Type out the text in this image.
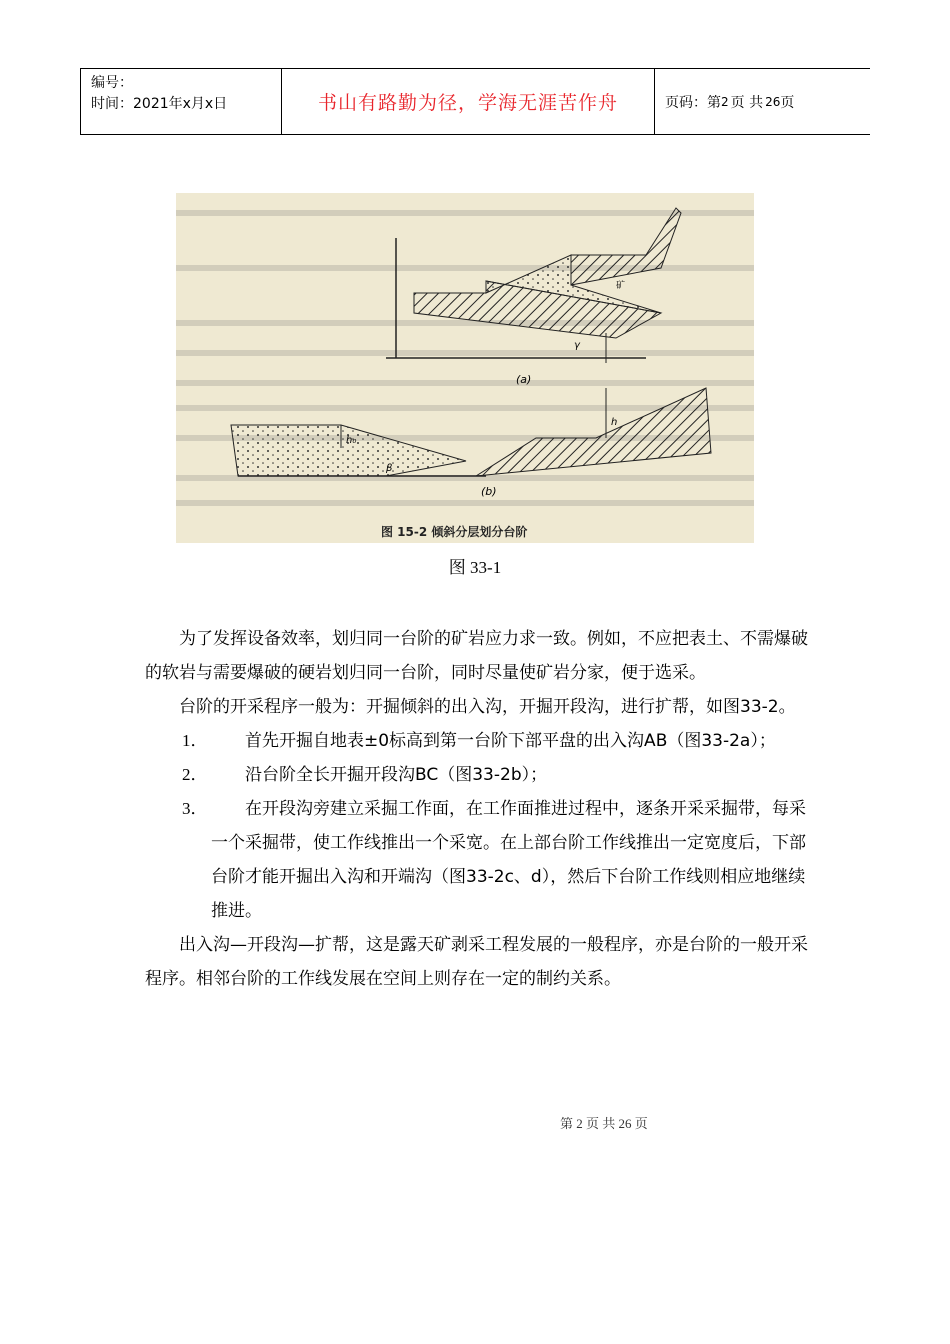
编号：
时间：2021年x月x日	书山有路勤为径，学海无涯苦作舟	页码：第 2 页 共 26 页
(a)
矿
γ
h₀
h
β
(b)
图 15-2 倾斜分层划分台阶
图 33-1

为了发挥设备效率，划归同一台阶的矿岩应力求一致。例如，不应把表土、不需爆破的软岩与需要爆破的硬岩划归同一台阶，同时尽量使矿岩分家，便于选采。

台阶的开采程序一般为：开掘倾斜的出入沟，开掘开段沟，进行扩帮，如图33-2。

1．	首先开掘自地表±0标高到第一台阶下部平盘的出入沟AB（图33-2a）；
2．	沿台阶全长开掘开段沟BC（图33-2b）；
3．	在开段沟旁建立采掘工作面，在工作面推进过程中，逐条开采采掘带，每采一个采掘带，使工作线推出一个采宽。在上部台阶工作线推出一定宽度后，下部台阶才能开掘出入沟和开端沟（图33-2c、d），然后下台阶工作线则相应地继续推进。

出入沟—开段沟—扩帮，这是露天矿剥采工程发展的一般程序，亦是台阶的一般开采程序。相邻台阶的工作线发展在空间上则存在一定的制约关系。

第 2 页 共 26 页
